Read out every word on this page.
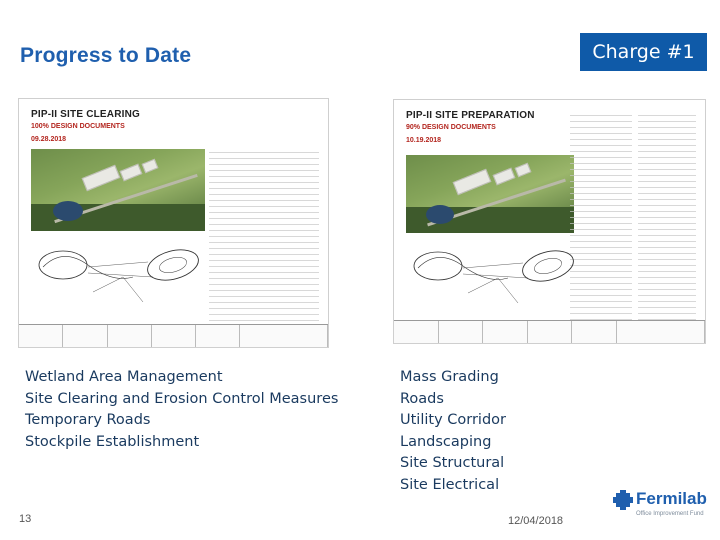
Progress to Date	Charge #1
PIP-II SITE CLEARING
100% DESIGN DOCUMENTS
09.28.2018
PIP-II SITE PREPARATION
90% DESIGN DOCUMENTS
10.19.2018
Wetland Area Management
Site Clearing and Erosion Control Measures
Temporary Roads
Stockpile Establishment
Mass Grading
Roads
Utility Corridor
Landscaping
Site Structural
Site Electrical
13	12/04/2018
Fermilab
Office Improvement Fund
